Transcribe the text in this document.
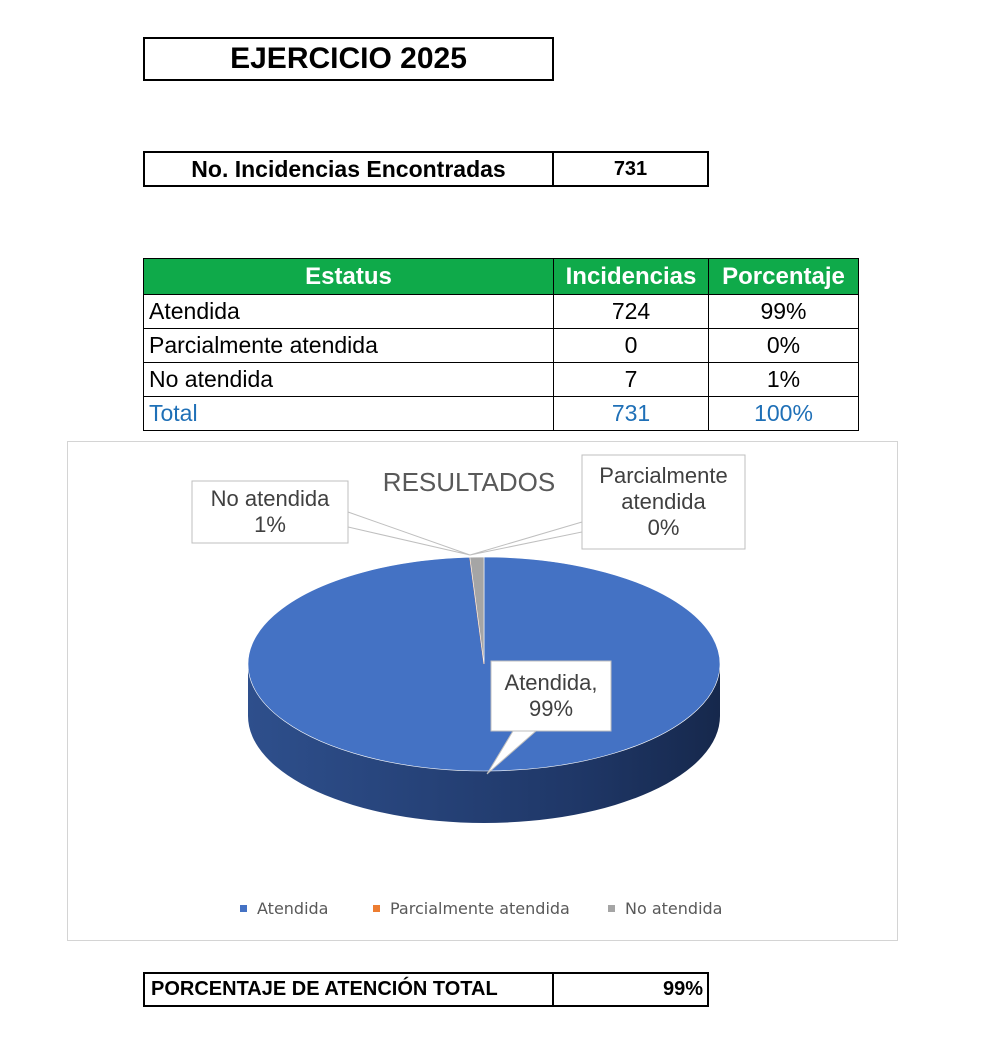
EJERCICIO 2025
No. Incidencias Encontradas	731
Estatus	Incidencias	Porcentaje
Atendida	724	99%
Parcialmente atendida	0	0%
No atendida	7	1%
Total	731	100%
RESULTADOS
Atendida,
99%
Parcialmente
atendida
0%
No atendida
1%
Atendida	Parcialmente atendida	No atendida
PORCENTAJE DE ATENCIÓN TOTAL	99%
